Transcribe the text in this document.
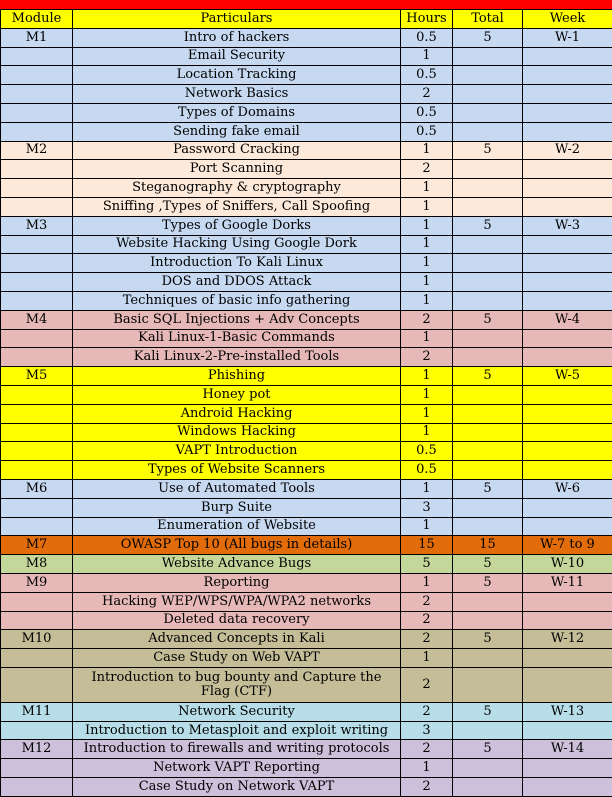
Module	Particulars	Hours	Total	Week
M1	Intro of hackers	0.5	5	W-1
	Email Security	1		
	Location Tracking	0.5		
	Network Basics	2		
	Types of Domains	0.5		
	Sending fake email	0.5		
M2	Password Cracking	1	5	W-2
	Port Scanning	2		
	Steganography & cryptography	1		
	Sniffing ,Types of Sniffers, Call Spoofing	1		
M3	Types of Google Dorks	1	5	W-3
	Website Hacking Using Google Dork	1		
	Introduction To Kali Linux	1		
	DOS and DDOS Attack	1		
	Techniques of basic info gathering	1		
M4	Basic SQL Injections + Adv Concepts	2	5	W-4
	Kali Linux-1-Basic Commands	1		
	Kali Linux-2-Pre-installed Tools	2		
M5	Phishing	1	5	W-5
	Honey pot	1		
	Android Hacking	1		
	Windows Hacking	1		
	VAPT Introduction	0.5		
	Types of Website Scanners	0.5		
M6	Use of Automated Tools	1	5	W-6
	Burp Suite	3		
	Enumeration of Website	1		
M7	OWASP Top 10 (All bugs in details)	15	15	W-7 to 9
M8	Website Advance Bugs	5	5	W-10
M9	Reporting	1	5	W-11
	Hacking WEP/WPS/WPA/WPA2 networks	2		
	Deleted data recovery	2		
M10	Advanced Concepts in Kali	2	5	W-12
	Case Study on Web VAPT	1		
	Introduction to bug bounty and Capture the Flag (CTF)	2		
M11	Network Security	2	5	W-13
	Introduction to Metasploit and exploit writing	3		
M12	Introduction to firewalls and writing protocols	2	5	W-14
	Network VAPT Reporting	1		
	Case Study on Network VAPT	2		
